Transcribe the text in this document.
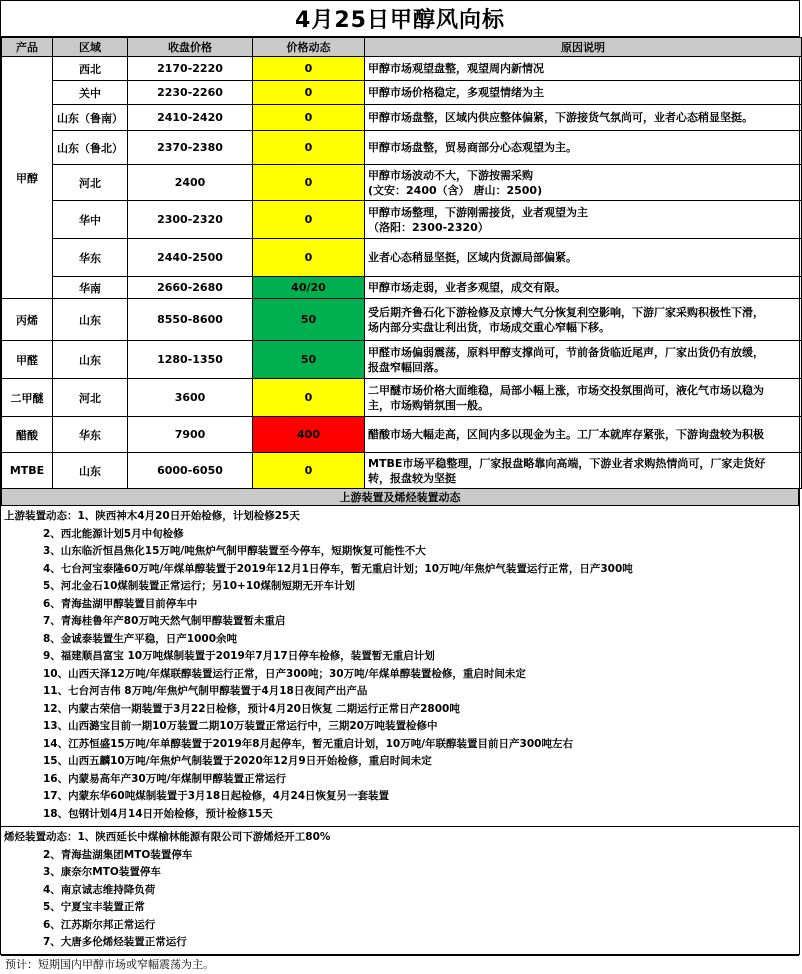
4月25日甲醇风向标
产品	区域	收盘价格	价格动态	原因说明
甲醇	西北	2170-2220	0	甲醇市场观望盘整，观望周内新情况

	关中	2230-2260	0	甲醇市场价格稳定，多观望情绪为主

	山东（鲁南）	2410-2420	0	甲醇市场盘整，区域内供应整体偏紧，下游接货气氛尚可，业者心态稍显坚挺。

	山东（鲁北）	2370-2380	0	甲醇市场盘整，贸易商部分心态观望为主。

	河北	2400	0	甲醇市场波动不大，下游按需采购
(文安：2400（含） 唐山：2500)

	华中	2300-2320	0	甲醇市场整理，下游刚需接货，业者观望为主
（洛阳：2300-2320）

	华东	2440-2500	0	业者心态稍显坚挺，区域内货源局部偏紧。

	华南	2660-2680	40/20	甲醇市场走弱，业者多观望，成交有限。

丙烯	山东	8550-8600	50	受后期齐鲁石化下游检修及京博大气分恢复利空影响，下游厂家采购积极性下滑，
场内部分实盘让利出货，市场成交重心窄幅下移。

甲醛	山东	1280-1350	50	甲醛市场偏弱震荡，原料甲醇支撑尚可，节前备货临近尾声，厂家出货仍有放缓，
报盘窄幅回落。

二甲醚	河北	3600	0	二甲醚市场价格大面维稳，局部小幅上涨，市场交投氛围尚可，液化气市场以稳为
主，市场购销氛围一般。

醋酸	华东	7900	400	醋酸市场大幅走高，区间内多以现金为主。工厂本就库存紧张，下游询盘较为积极

MTBE	山东	6000-6050	0	MTBE市场平稳整理，厂家报盘略靠向高端，下游业者求购热情尚可，厂家走货好
转，报盘较为坚挺
上游装置及烯烃装置动态
上游装置动态：1、陕西神木4月20日开始检修，计划检修25天
2、西北能源计划5月中旬检修
3、山东临沂恒昌焦化15万吨/吨焦炉气制甲醇装置至今停车，短期恢复可能性不大
4、七台河宝泰隆60万吨/年煤单醇装置于2019年12月1日停车，暂无重启计划；10万吨/年焦炉气装置运行正常，日产300吨
5、河北金石10煤制装置正常运行；另10+10煤制短期无开车计划
6、青海盐湖甲醇装置目前停车中
7、青海桂鲁年产80万吨天然气制甲醇装置暂未重启
8、金诚泰装置生产平稳，日产1000余吨
9、福建顺昌富宝 10万吨煤制装置于2019年7月17日停车检修，装置暂无重启计划
10、山西天泽12万吨/年煤联醇装置运行正常，日产300吨；30万吨/年煤单醇装置检修，重启时间未定
11、七台河吉伟 8万吨/年焦炉气制甲醇装置于4月18日夜间产出产品
12、内蒙古荣信一期装置于3月22日检修，预计4月20日恢复 二期运行正常日产2800吨
13、山西潞宝目前一期10万装置二期10万装置正常运行中，三期20万吨装置检修中
14、江苏恒盛15万吨/年单醇装置于2019年8月起停车，暂无重启计划，10万吨/年联醇装置目前日产300吨左右
15、山西五麟10万吨/年焦炉气制装置于2020年12月9日开始检修，重启时间未定
16、内蒙易高年产30万吨/年煤制甲醇装置正常运行
17、内蒙东华60吨煤制装置于3月18日起检修，4月24日恢复另一套装置
18、包钢计划4月14日开始检修，预计检修15天
烯烃装置动态：1、陕西延长中煤榆林能源有限公司下游烯烃开工80%
2、青海盐湖集团MTO装置停车
3、康奈尔MTO装置停车
4、南京诚志维持降负荷
5、宁夏宝丰装置正常
6、江苏斯尔邦正常运行
7、大唐多伦烯烃装置正常运行
预计：短期国内甲醇市场或窄幅震荡为主。
